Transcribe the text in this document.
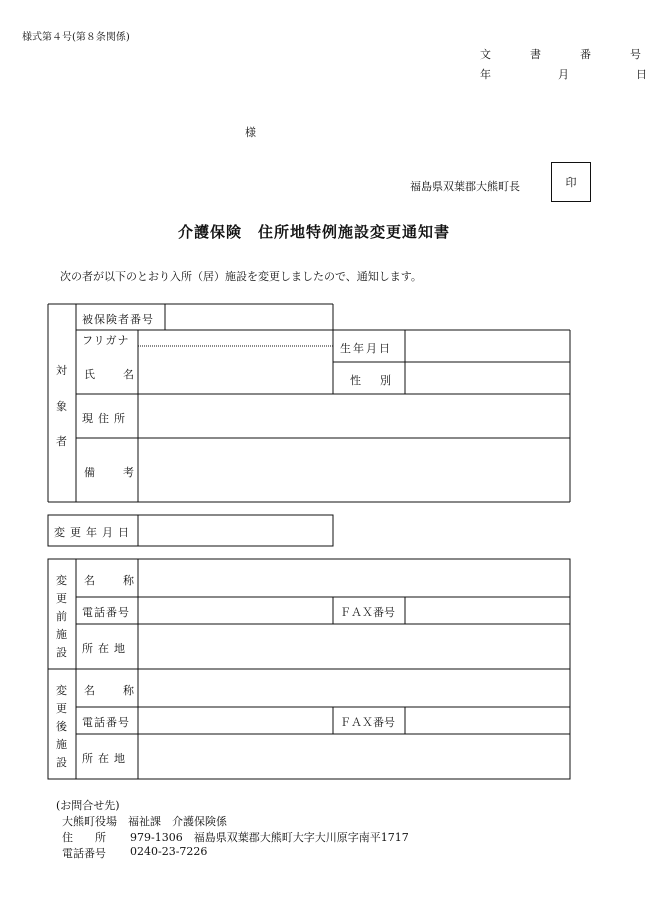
様式第４号(第８条関係)
文　書　番　号
年　　月　　日
様
福島県双葉郡大熊町長	印
介護保険　住所地特例施設変更通知書
次の者が以下のとおり入所（居）施設を変更しましたので、通知します。
対
象
者
被保険者番号
フリガナ
氏　　名
生年月日
性　別
現住所
備　　考
変更年月日
変
更
前
施
設
名　　称
電話番号	ＦＡＸ番号
所在地
変
更
後
施
設
名　　称
電話番号	ＦＡＸ番号
所在地
(お問合せ先)
大熊町役場　福祉課　介護保険係
住　　所 979-1306　福島県双葉郡大熊町大字大川原字南平1717
電話番号 0240-23-7226
